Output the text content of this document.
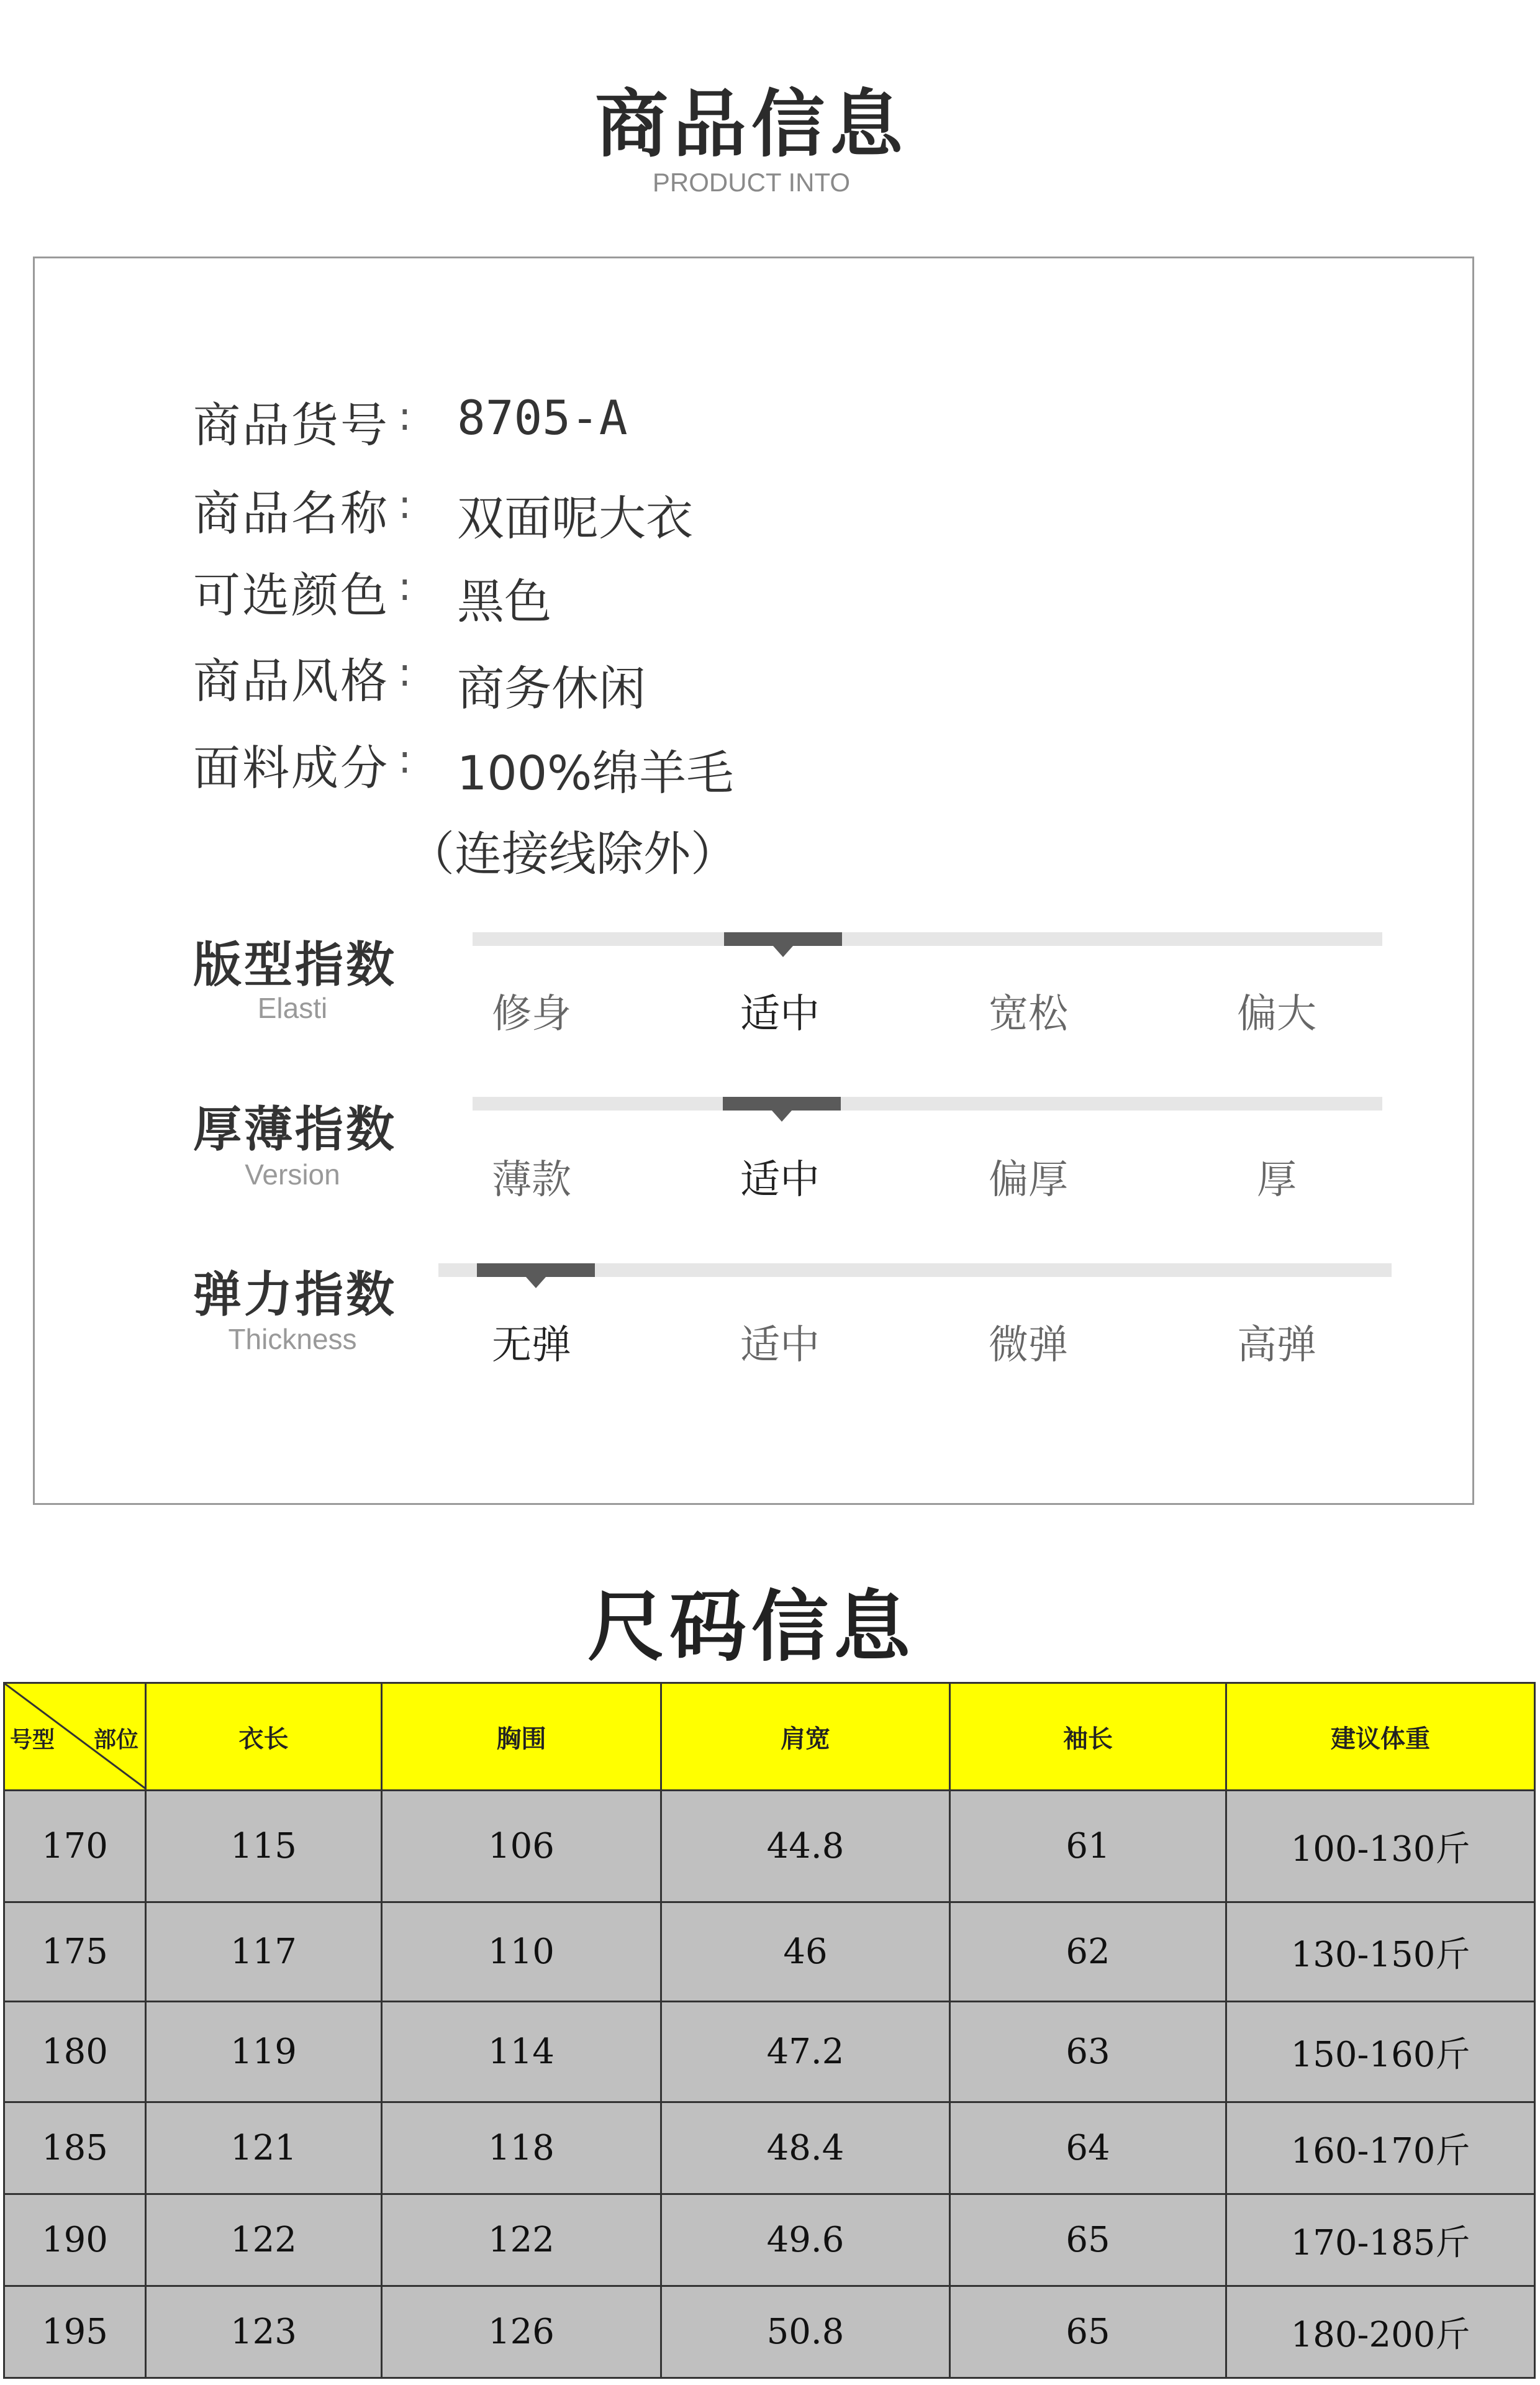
商品信息
PRODUCT INTO
商品货号 : 8705-A
商品名称 : 双面呢大衣
可选颜色 : 黑色
商品风格 : 商务休闲
面料成分 : 100%绵羊毛
（连接线除外）
版型指数
Elasti	修身	适中	宽松	偏大
厚薄指数
Version	薄款	适中	偏厚	厚
弹力指数
Thickness	无弹	适中	微弹	高弹
尺码信息
号型 部位	衣长	胸围	肩宽	袖长	建议体重
170	115	106	44.8	61	100-130斤
175	117	110	46	62	130-150斤
180	119	114	47.2	63	150-160斤
185	121	118	48.4	64	160-170斤
190	122	122	49.6	65	170-185斤
195	123	126	50.8	65	180-200斤
